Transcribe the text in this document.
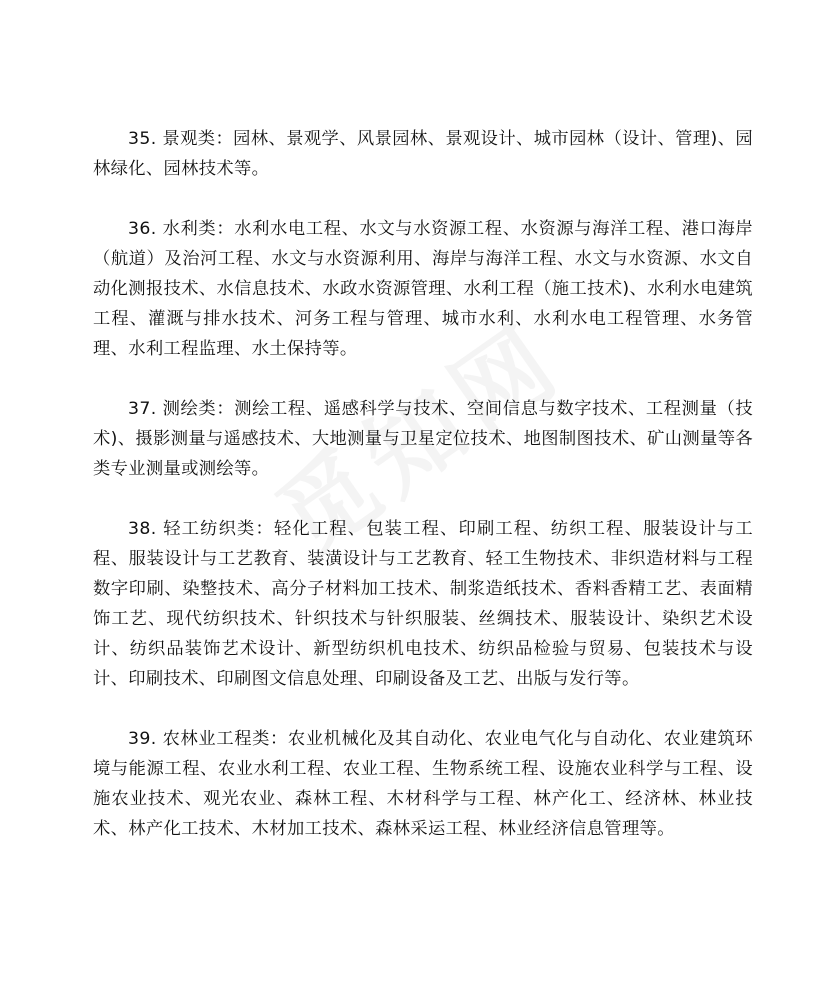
35. 景观类：园林、景观学、风景园林、景观设计、城市园林（设计、管理)、园林绿化、园林技术等。

36. 水利类：水利水电工程、水文与水资源工程、水资源与海洋工程、港口海岸（航道）及治河工程、水文与水资源利用、海岸与海洋工程、水文与水资源、水文自动化测报技术、水信息技术、水政水资源管理、水利工程（施工技术)、水利水电建筑工程、灌溉与排水技术、河务工程与管理、城市水利、水利水电工程管理、水务管理、水利工程监理、水土保持等。

37. 测绘类：测绘工程、遥感科学与技术、空间信息与数字技术、工程测量（技术)、摄影测量与遥感技术、大地测量与卫星定位技术、地图制图技术、矿山测量等各类专业测量或测绘等。

38. 轻工纺织类：轻化工程、包装工程、印刷工程、纺织工程、服装设计与工程、服装设计与工艺教育、装潢设计与工艺教育、轻工生物技术、非织造材料与工程数字印刷、染整技术、高分子材料加工技术、制浆造纸技术、香料香精工艺、表面精饰工艺、现代纺织技术、针织技术与针织服装、丝绸技术、服装设计、染织艺术设计、纺织品装饰艺术设计、新型纺织机电技术、纺织品检验与贸易、包装技术与设计、印刷技术、印刷图文信息处理、印刷设备及工艺、出版与发行等。

39. 农林业工程类：农业机械化及其自动化、农业电气化与自动化、农业建筑环境与能源工程、农业水利工程、农业工程、生物系统工程、设施农业科学与工程、设施农业技术、观光农业、森林工程、木材科学与工程、林产化工、经济林、林业技术、林产化工技术、木材加工技术、森林采运工程、林业经济信息管理等。
